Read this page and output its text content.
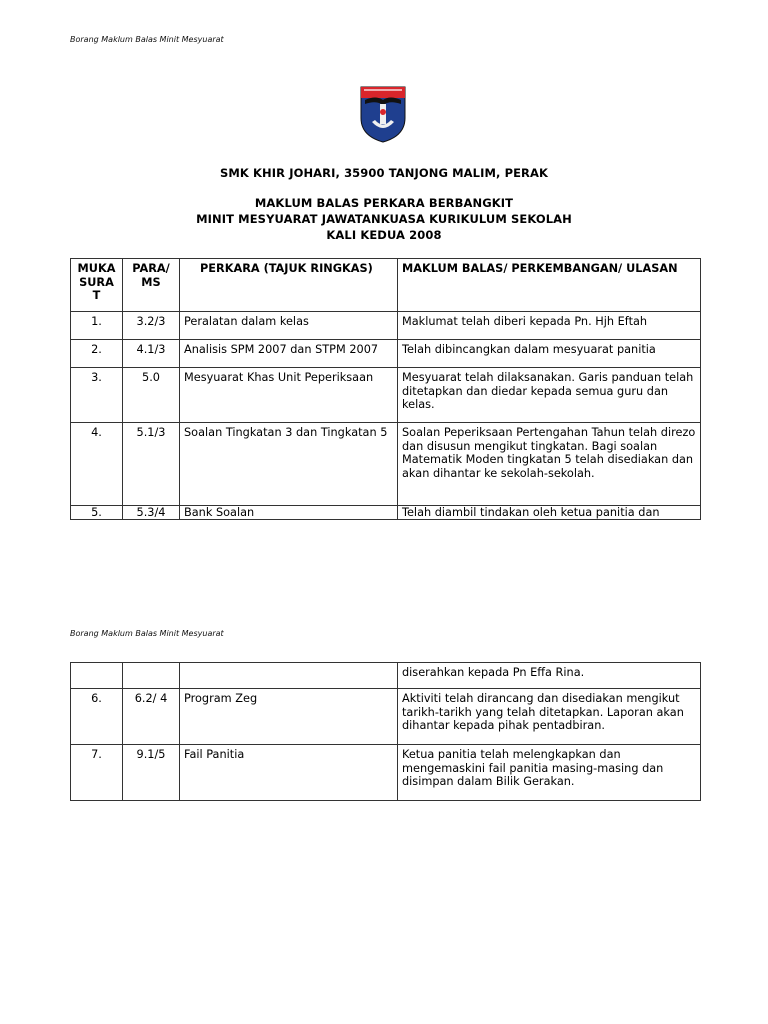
Borang Maklum Balas Minit Mesyuarat
SMK KHIR JOHARI, 35900 TANJONG MALIM, PERAK
MAKLUM BALAS PERKARA BERBANGKIT
MINIT MESYUARAT JAWATANKUASA KURIKULUM SEKOLAH
KALI KEDUA 2008
MUKA SURA T	PARA/ MS	PERKARA (TAJUK RINGKAS)	MAKLUM BALAS/ PERKEMBANGAN/ ULASAN
1.	3.2/3	Peralatan dalam kelas	Maklumat telah diberi kepada Pn. Hjh Eftah
2.	4.1/3	Analisis SPM 2007 dan STPM 2007	Telah dibincangkan dalam mesyuarat panitia
3.	5.0	Mesyuarat Khas Unit Peperiksaan	Mesyuarat telah dilaksanakan. Garis panduan telah ditetapkan dan diedar kepada semua guru dan kelas.
4.	5.1/3	Soalan Tingkatan 3 dan Tingkatan 5	Soalan Peperiksaan Pertengahan Tahun telah direzo dan disusun mengikut tingkatan. Bagi soalan Matematik Moden tingkatan 5 telah disediakan dan akan dihantar ke sekolah-sekolah.
5.	5.3/4	Bank Soalan	Telah diambil tindakan oleh ketua panitia dan
Borang Maklum Balas Minit Mesyuarat
			diserahkan kepada Pn Effa Rina.
6.	6.2/ 4	Program Zeg	Aktiviti telah dirancang dan disediakan mengikut tarikh-tarikh yang telah ditetapkan. Laporan akan dihantar kepada pihak pentadbiran.
7.	9.1/5	Fail Panitia	Ketua panitia telah melengkapkan dan mengemaskini fail panitia masing-masing dan disimpan dalam Bilik Gerakan.
